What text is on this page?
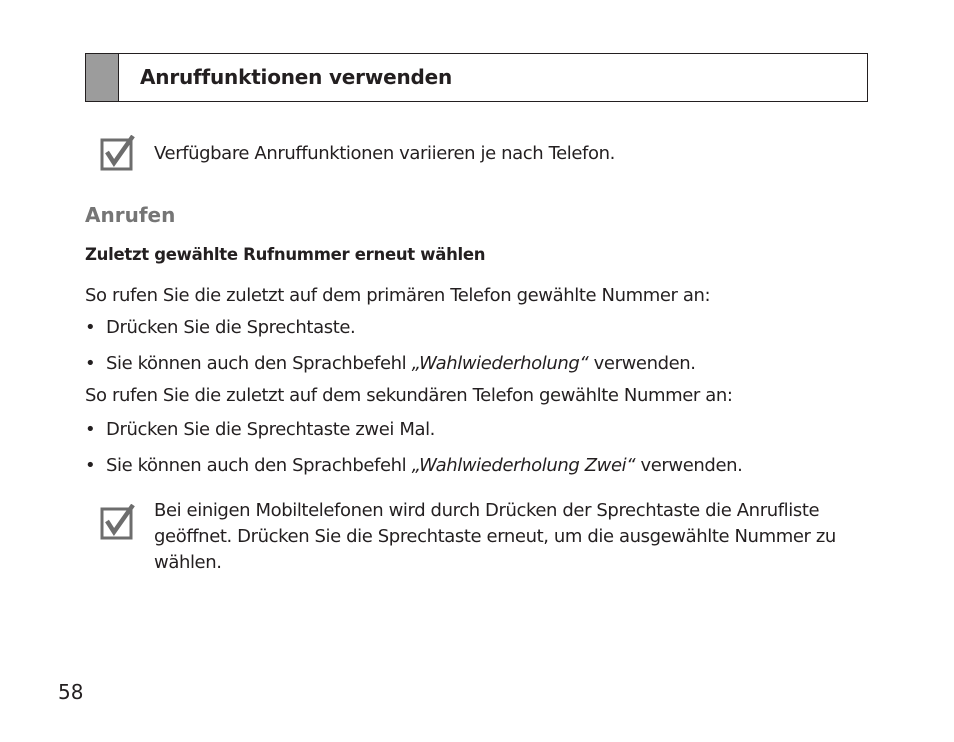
Anruffunktionen verwenden
Verfügbare Anruffunktionen variieren je nach Telefon.
Anrufen
Zuletzt gewählte Rufnummer erneut wählen
So rufen Sie die zuletzt auf dem primären Telefon gewählte Nummer an:
• Drücken Sie die Sprechtaste.
• Sie können auch den Sprachbefehl „Wahlwiederholung“ verwenden.
So rufen Sie die zuletzt auf dem sekundären Telefon gewählte Nummer an:
• Drücken Sie die Sprechtaste zwei Mal.
• Sie können auch den Sprachbefehl „Wahlwiederholung Zwei“ verwenden.
Bei einigen Mobiltelefonen wird durch Drücken der Sprechtaste die Anrufliste geöffnet. Drücken Sie die Sprechtaste erneut, um die ausgewählte Nummer zu wählen.
58
